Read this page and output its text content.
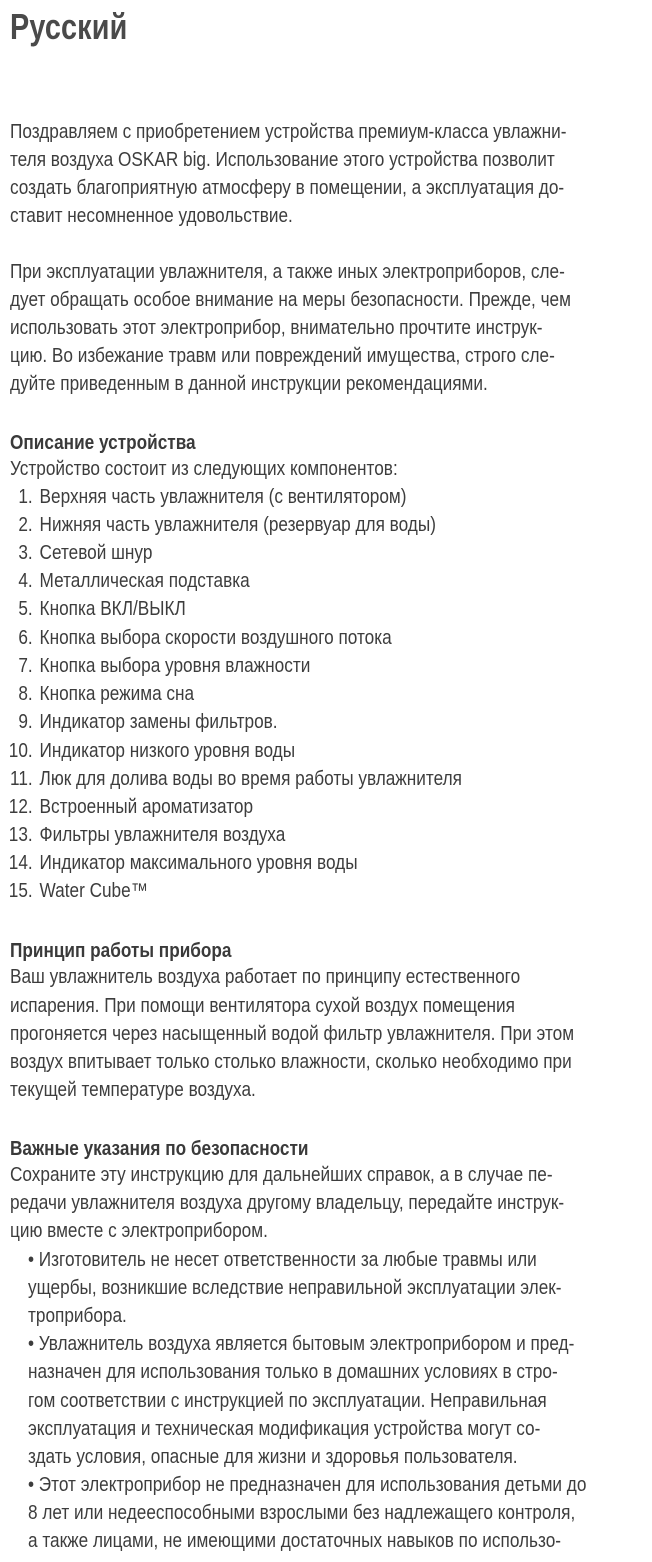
Русский
Поздравляем с приобретением устройства премиум-класса увлажни-
теля воздуха OSKAR big. Использование этого устройства позволит
создать благоприятную атмосферу в помещении, а эксплуатация до-
ставит несомненное удовольствие.
При эксплуатации увлажнителя, а также иных электроприборов, сле-
дует обращать особое внимание на меры безопасности. Прежде, чем
использовать этот электроприбор, внимательно прочтите инструк-
цию. Во избежание травм или повреждений имущества, строго сле-
дуйте приведенным в данной инструкции рекомендациями.
Описание устройства
Устройство состоит из следующих компонентов:
1. Верхняя часть увлажнителя (с вентилятором)
2. Нижняя часть увлажнителя (резервуар для воды)
3. Сетевой шнур
4. Металлическая подставка
5. Кнопка ВКЛ/ВЫКЛ
6. Кнопка выбора скорости воздушного потока
7. Кнопка выбора уровня влажности
8. Кнопка режима сна
9. Индикатор замены фильтров.
10. Индикатор низкого уровня воды
11. Люк для долива воды во время работы увлажнителя
12. Встроенный ароматизатор
13. Фильтры увлажнителя воздуха
14. Индикатор максимального уровня воды
15. Water Cube™
Принцип работы прибора
Ваш увлажнитель воздуха работает по принципу естественного
испарения. При помощи вентилятора сухой воздух помещения
прогоняется через насыщенный водой фильтр увлажнителя. При этом
воздух впитывает только столько влажности, сколько необходимо при
текущей температуре воздуха.
Важные указания по безопасности
Сохраните эту инструкцию для дальнейших справок, а в случае пе-
редачи увлажнителя воздуха другому владельцу, передайте инструк-
цию вместе с электроприбором.
• Изготовитель не несет ответственности за любые травмы или
ущербы, возникшие вследствие неправильной эксплуатации элек-
троприбора.
• Увлажнитель воздуха является бытовым электроприбором и пред-
назначен для использования только в домашних условиях в стро-
гом соответствии с инструкцией по эксплуатации. Неправильная
эксплуатация и техническая модификация устройства могут со-
здать условия, опасные для жизни и здоровья пользователя.
• Этот электроприбор не предназначен для использования детьми до
8 лет или недееспособными взрослыми без надлежащего контроля,
а также лицами, не имеющими достаточных навыков по использо-
